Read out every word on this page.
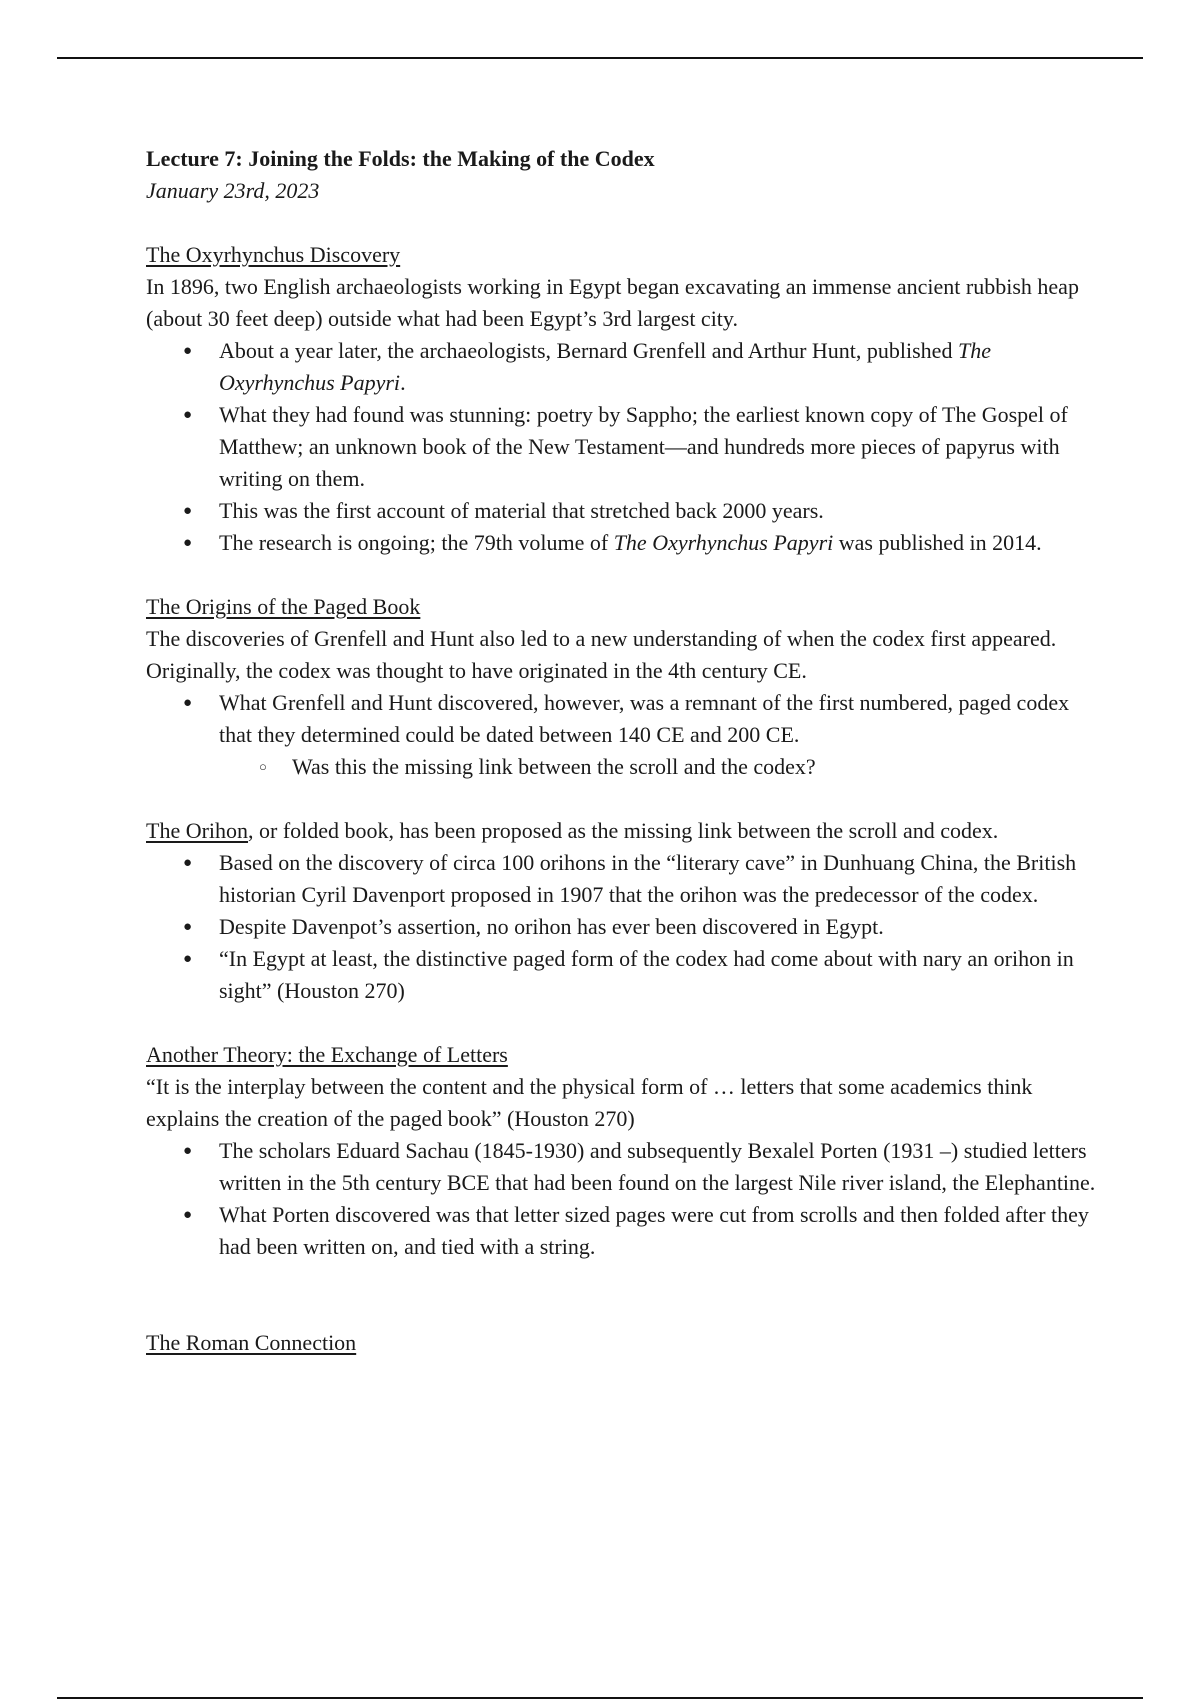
Lecture 7: Joining the Folds: the Making of the Codex

January 23rd, 2023

The Oxyrhynchus Discovery

In 1896, two English archaeologists working in Egypt began excavating an immense ancient rubbish heap (about 30 feet deep) outside what had been Egypt’s 3rd largest city.

● About a year later, the archaeologists, Bernard Grenfell and Arthur Hunt, published The Oxyrhynchus Papyri.
● What they had found was stunning: poetry by Sappho; the earliest known copy of The Gospel of Matthew; an unknown book of the New Testament—and hundreds more pieces of papyrus with writing on them.
● This was the first account of material that stretched back 2000 years.
● The research is ongoing; the 79th volume of The Oxyrhynchus Papyri was published in 2014.

The Origins of the Paged Book

The discoveries of Grenfell and Hunt also led to a new understanding of when the codex first appeared. Originally, the codex was thought to have originated in the 4th century CE.

● What Grenfell and Hunt discovered, however, was a remnant of the first numbered, paged codex that they determined could be dated between 140 CE and 200 CE.
○ Was this the missing link between the scroll and the codex?

The Orihon, or folded book, has been proposed as the missing link between the scroll and codex.

● Based on the discovery of circa 100 orihons in the “literary cave” in Dunhuang China, the British historian Cyril Davenport proposed in 1907 that the orihon was the predecessor of the codex.
● Despite Davenpot’s assertion, no orihon has ever been discovered in Egypt.
● “In Egypt at least, the distinctive paged form of the codex had come about with nary an orihon in sight” (Houston 270)

Another Theory: the Exchange of Letters

“It is the interplay between the content and the physical form of … letters that some academics think explains the creation of the paged book” (Houston 270)

● The scholars Eduard Sachau (1845-1930) and subsequently Bexalel Porten (1931 –) studied letters written in the 5th century BCE that had been found on the largest Nile river island, the Elephantine.
● What Porten discovered was that letter sized pages were cut from scrolls and then folded after they had been written on, and tied with a string.

The Roman Connection
